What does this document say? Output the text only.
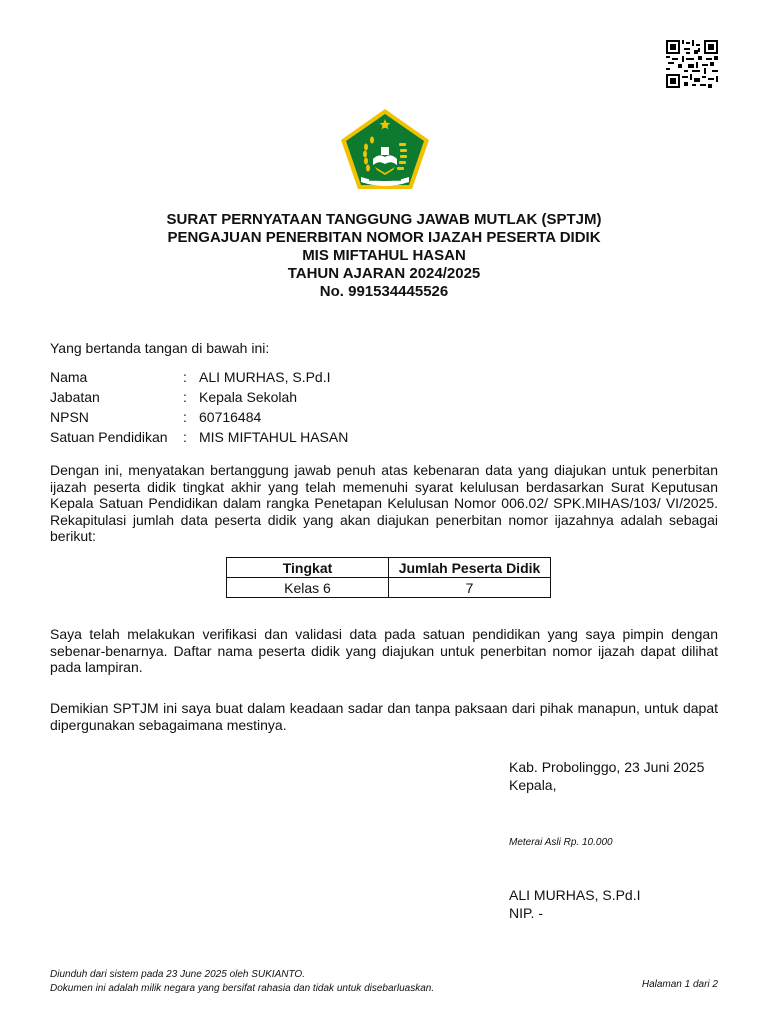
SURAT PERNYATAAN TANGGUNG JAWAB MUTLAK (SPTJM)
PENGAJUAN PENERBITAN NOMOR IJAZAH PESERTA DIDIK
MIS MIFTAHUL HASAN
TAHUN AJARAN 2024/2025
No. 991534445526
Yang bertanda tangan di bawah ini:
Nama	:	ALI MURHAS, S.Pd.I
Jabatan	:	Kepala Sekolah
NPSN	:	60716484
Satuan Pendidikan	:	MIS MIFTAHUL HASAN
Dengan ini, menyatakan bertanggung jawab penuh atas kebenaran data yang diajukan untuk penerbitan ijazah peserta didik tingkat akhir yang telah memenuhi syarat kelulusan berdasarkan Surat Keputusan Kepala Satuan Pendidikan dalam rangka Penetapan Kelulusan Nomor 006.02/ SPK.MIHAS/103/ VI/2025. Rekapitulasi jumlah data peserta didik yang akan diajukan penerbitan nomor ijazahnya adalah sebagai berikut:
Tingkat	Jumlah Peserta Didik
Kelas 6	7
Saya telah melakukan verifikasi dan validasi data pada satuan pendidikan yang saya pimpin dengan sebenar-benarnya. Daftar nama peserta didik yang diajukan untuk penerbitan nomor ijazah dapat dilihat pada lampiran.
Demikian SPTJM ini saya buat dalam keadaan sadar dan tanpa paksaan dari pihak manapun, untuk dapat dipergunakan sebagaimana mestinya.
Kab. Probolinggo, 23 Juni 2025
Kepala,
Meterai Asli Rp. 10.000
ALI MURHAS, S.Pd.I
NIP. -
Diunduh dari sistem pada 23 June 2025 oleh SUKIANTO.
Dokumen ini adalah milik negara yang bersifat rahasia dan tidak untuk disebarluaskan.	Halaman 1 dari 2
